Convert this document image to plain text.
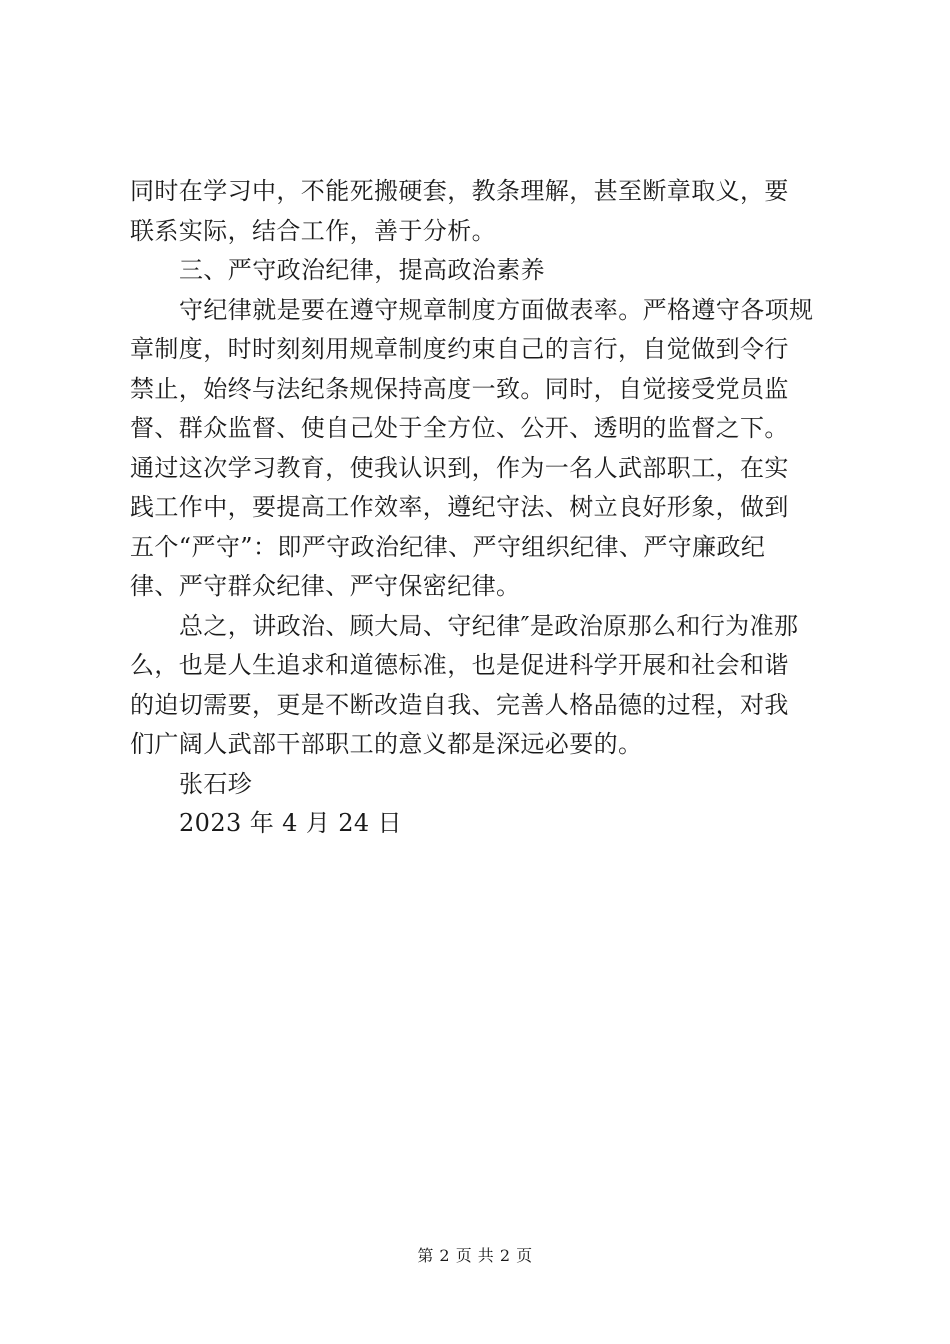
同时在学习中，不能死搬硬套，教条理解，甚至断章取义，要
联系实际，结合工作，善于分析。
三、严守政治纪律，提高政治素养
守纪律就是要在遵守规章制度方面做表率。严格遵守各项规
章制度，时时刻刻用规章制度约束自己的言行，自觉做到令行
禁止，始终与法纪条规保持高度一致。同时，自觉接受党员监
督、群众监督、使自己处于全方位、公开、透明的监督之下。
通过这次学习教育，使我认识到，作为一名人武部职工，在实
践工作中，要提高工作效率，遵纪守法、树立良好形象，做到
五个“严守”：即严守政治纪律、严守组织纪律、严守廉政纪
律、严守群众纪律、严守保密纪律。
总之，讲政治、顾大局、守纪律″是政治原那么和行为准那
么，也是人生追求和道德标准，也是促进科学开展和社会和谐
的迫切需要，更是不断改造自我、完善人格品德的过程，对我
们广阔人武部干部职工的意义都是深远必要的。
张石珍
2023 年 4 月 24 日
第 2 页 共 2 页
